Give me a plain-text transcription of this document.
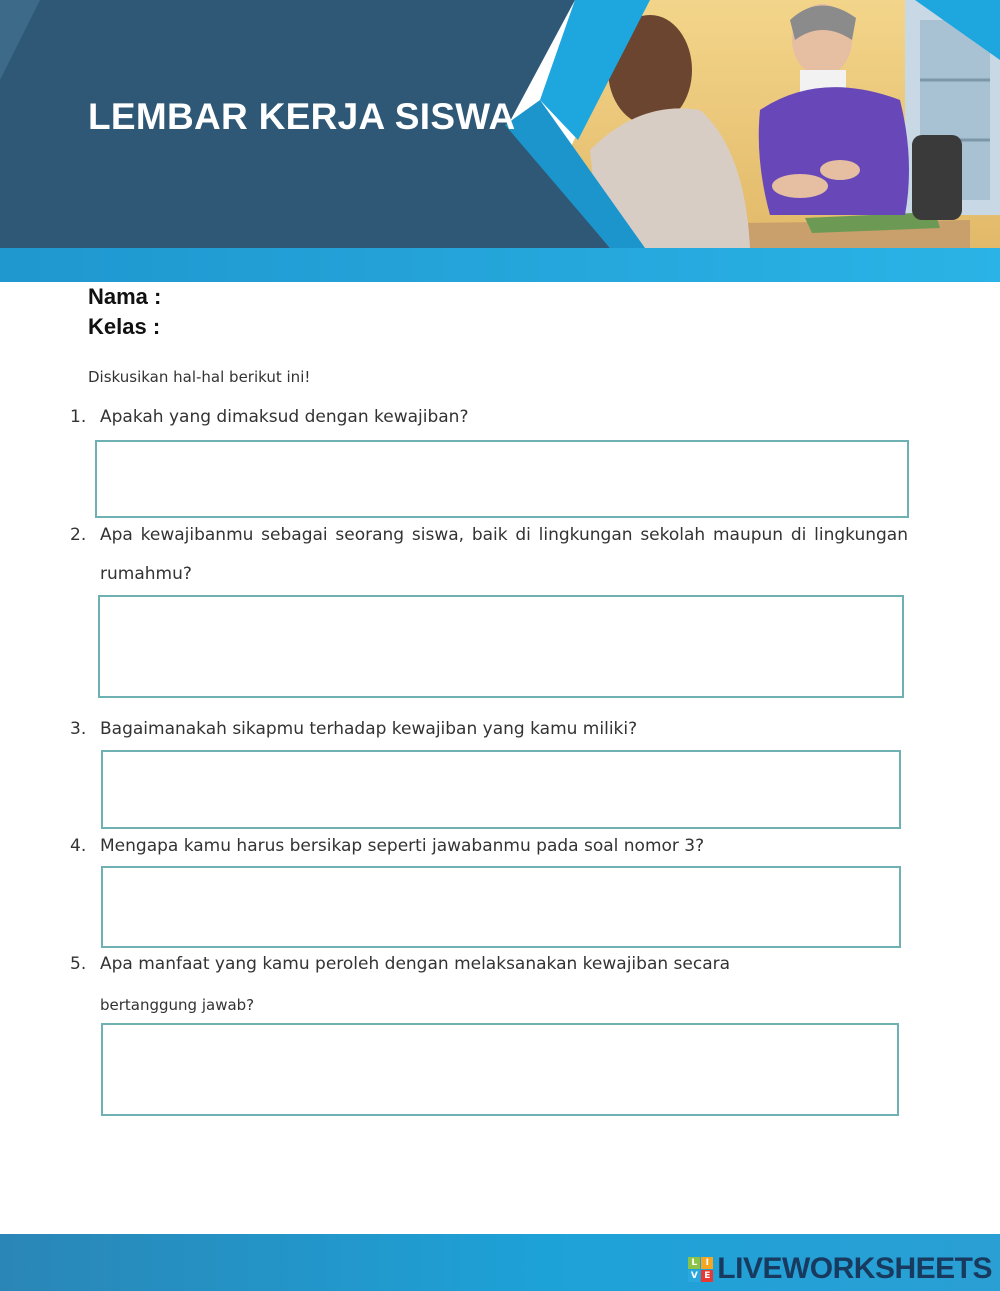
LEMBAR KERJA SISWA
Nama :
Kelas :
Diskusikan hal-hal berikut ini!
1. Apakah yang dimaksud dengan kewajiban?
2. Apa kewajibanmu sebagai seorang siswa, baik di lingkungan sekolah maupun di lingkungan rumahmu?
3. Bagaimanakah sikapmu terhadap kewajiban yang kamu miliki?
4. Mengapa kamu harus bersikap seperti jawabanmu pada soal nomor 3?
5. Apa manfaat yang kamu peroleh dengan melaksanakan kewajiban secara
bertanggung jawab?
L I
V E LIVEWORKSHEETS
